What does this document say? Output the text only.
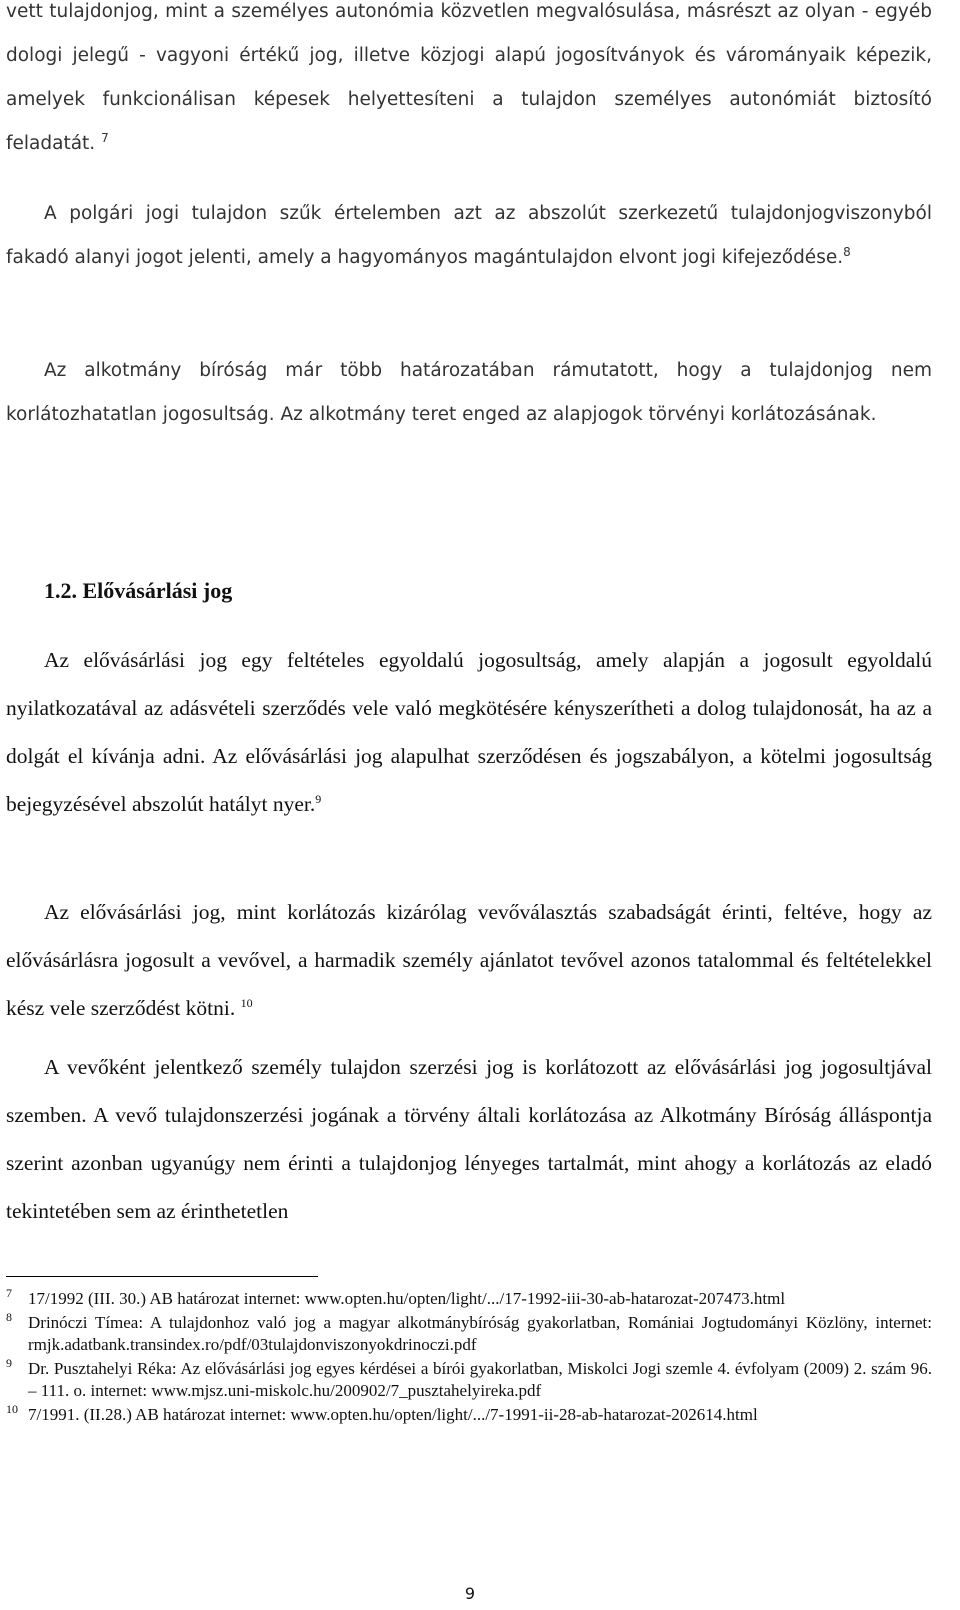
vett tulajdonjog, mint a személyes autonómia közvetlen megvalósulása, másrészt az olyan - egyéb dologi jelegű - vagyoni értékű jog, illetve közjogi alapú jogosítványok és várományaik képezik, amelyek funkcionálisan képesek helyettesíteni a tulajdon személyes autonómiát biztosító feladatát. $^7$

A polgári jogi tulajdon szűk értelemben azt az abszolút szerkezetű tulajdonjogviszonyból fakadó alanyi jogot jelenti, amely a hagyományos magántulajdon elvont jogi kifejeződése.$^8$

Az alkotmány bíróság már több határozatában rámutatott, hogy a tulajdonjog nem korlátozhatatlan jogosultság. Az alkotmány teret enged az alapjogok törvényi korlátozásának.

1.2. Elővásárlási jog

Az elővásárlási jog egy feltételes egyoldalú jogosultság, amely alapján a jogosult egyoldalú nyilatkozatával az adásvételi szerződés vele való megkötésére kényszerítheti a dolog tulajdonosát, ha az a dolgát el kívánja adni. Az elővásárlási jog alapulhat szerződésen és jogszabályon, a kötelmi jogosultság bejegyzésével abszolút hatályt nyer.$^9$

Az elővásárlási jog, mint korlátozás kizárólag vevőválasztás szabadságát érinti, feltéve, hogy az elővásárlásra jogosult a vevővel, a harmadik személy ajánlatot tevővel azonos tatalommal és feltételekkel kész vele szerződést kötni. $^{10}$

A vevőként jelentkező személy tulajdon szerzési jog is korlátozott az elővásárlási jog jogosultjával szemben. A vevő tulajdonszerzési jogának a törvény általi korlátozása az Alkotmány Bíróság álláspontja szerint azonban ugyanúgy nem érinti a tulajdonjog lényeges tartalmát, mint ahogy a korlátozás az eladó tekintetében sem az érinthetetlen

7 17/1992 (III. 30.) AB határozat internet: www.opten.hu/opten/light/.../17-1992-iii-30-ab-hatarozat-207473.html

8 Drinóczi Tímea: A tulajdonhoz való jog a magyar alkotmánybíróság gyakorlatban, Romániai Jogtudományi Közlöny, internet: rmjk.adatbank.transindex.ro/pdf/03tulajdonviszonyokdrinoczi.pdf

9 Dr. Pusztahelyi Réka: Az elővásárlási jog egyes kérdései a bírói gyakorlatban, Miskolci Jogi szemle 4. évfolyam (2009) 2. szám 96. – 111. o. internet: www.mjsz.uni-miskolc.hu/200902/7_pusztahelyireka.pdf

10 7/1991. (II.28.) AB határozat internet: www.opten.hu/opten/light/.../7-1991-ii-28-ab-hatarozat-202614.html

9
